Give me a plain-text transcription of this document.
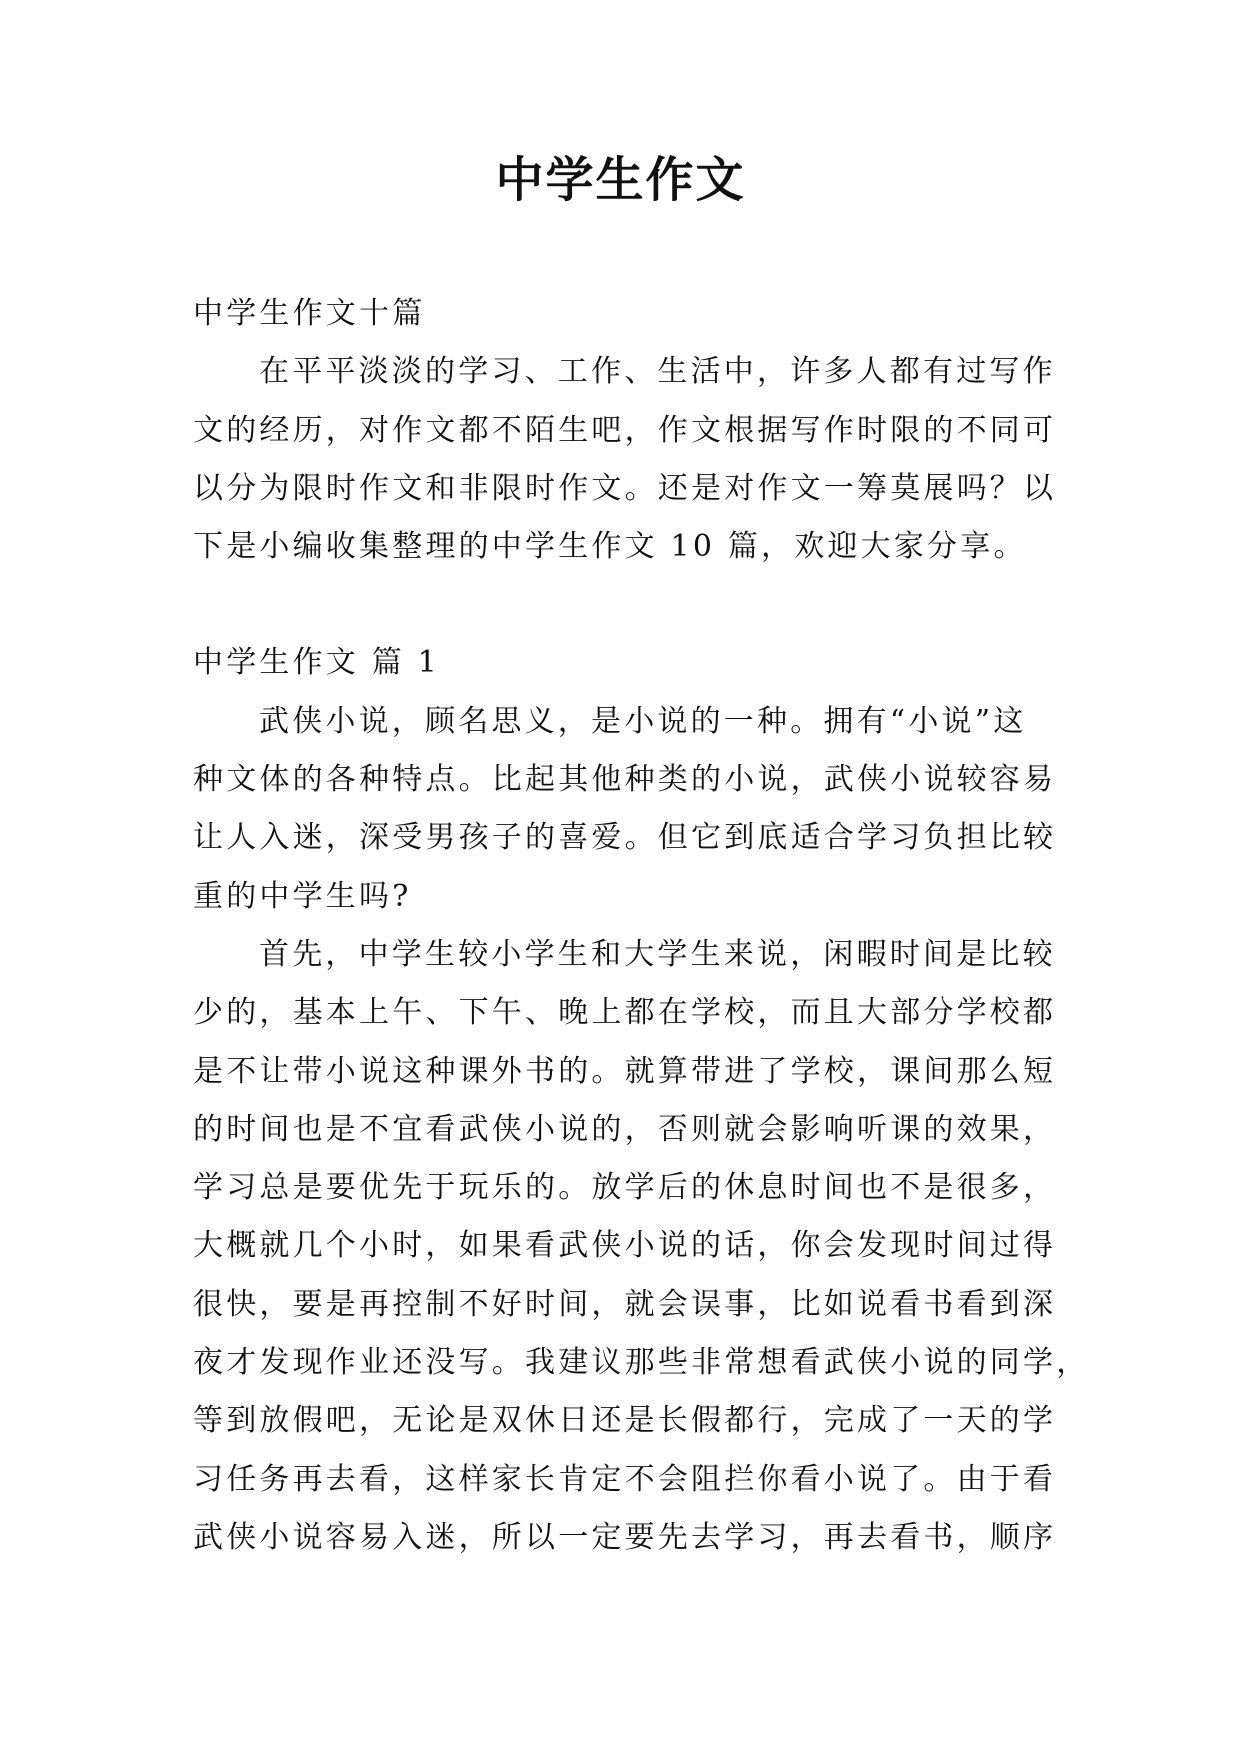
中学生作文
中学生作文十篇
在平平淡淡的学习、工作、生活中，许多人都有过写作
文的经历，对作文都不陌生吧，作文根据写作时限的不同可
以分为限时作文和非限时作文。还是对作文一筹莫展吗？以
下是小编收集整理的中学生作文 10 篇，欢迎大家分享。
中学生作文 篇 1
武侠小说，顾名思义，是小说的一种。拥有“小说”这
种文体的各种特点。比起其他种类的小说，武侠小说较容易
让人入迷，深受男孩子的喜爱。但它到底适合学习负担比较
重的中学生吗?
首先，中学生较小学生和大学生来说，闲暇时间是比较
少的，基本上午、下午、晚上都在学校，而且大部分学校都
是不让带小说这种课外书的。就算带进了学校，课间那么短
的时间也是不宜看武侠小说的，否则就会影响听课的效果，
学习总是要优先于玩乐的。放学后的休息时间也不是很多，
大概就几个小时，如果看武侠小说的话，你会发现时间过得
很快，要是再控制不好时间，就会误事，比如说看书看到深
夜才发现作业还没写。我建议那些非常想看武侠小说的同学，
等到放假吧，无论是双休日还是长假都行，完成了一天的学
习任务再去看，这样家长肯定不会阻拦你看小说了。由于看
武侠小说容易入迷，所以一定要先去学习，再去看书，顺序
